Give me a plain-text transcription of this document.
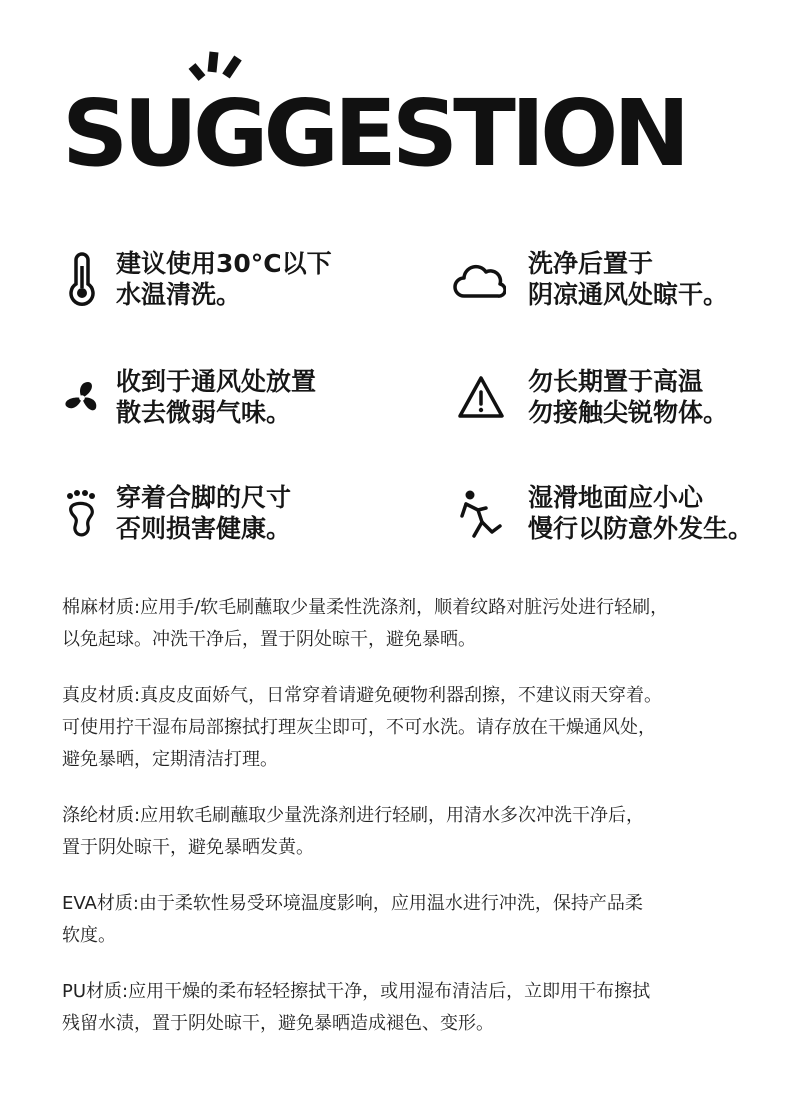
SUGGESTION
建议使用30°C以下
水温清洗。
洗净后置于
阴凉通风处晾干。
收到于通风处放置
散去微弱气味。
勿长期置于高温
勿接触尖锐物体。
穿着合脚的尺寸
否则损害健康。
湿滑地面应小心
慢行以防意外发生。

棉麻材质:应用手/软毛刷蘸取少量柔性洗涤剂，顺着纹路对脏污处进行轻刷，
以免起球。冲洗干净后，置于阴处晾干，避免暴晒。

真皮材质:真皮皮面娇气，日常穿着请避免硬物利器刮擦，不建议雨天穿着。
可使用拧干湿布局部擦拭打理灰尘即可，不可水洗。请存放在干燥通风处，
避免暴晒，定期清洁打理。

涤纶材质:应用软毛刷蘸取少量洗涤剂进行轻刷，用清水多次冲洗干净后，
置于阴处晾干，避免暴晒发黄。

EVA材质:由于柔软性易受环境温度影响，应用温水进行冲洗，保持产品柔
软度。

PU材质:应用干燥的柔布轻轻擦拭干净，或用湿布清洁后，立即用干布擦拭
残留水渍，置于阴处晾干，避免暴晒造成褪色、变形。
